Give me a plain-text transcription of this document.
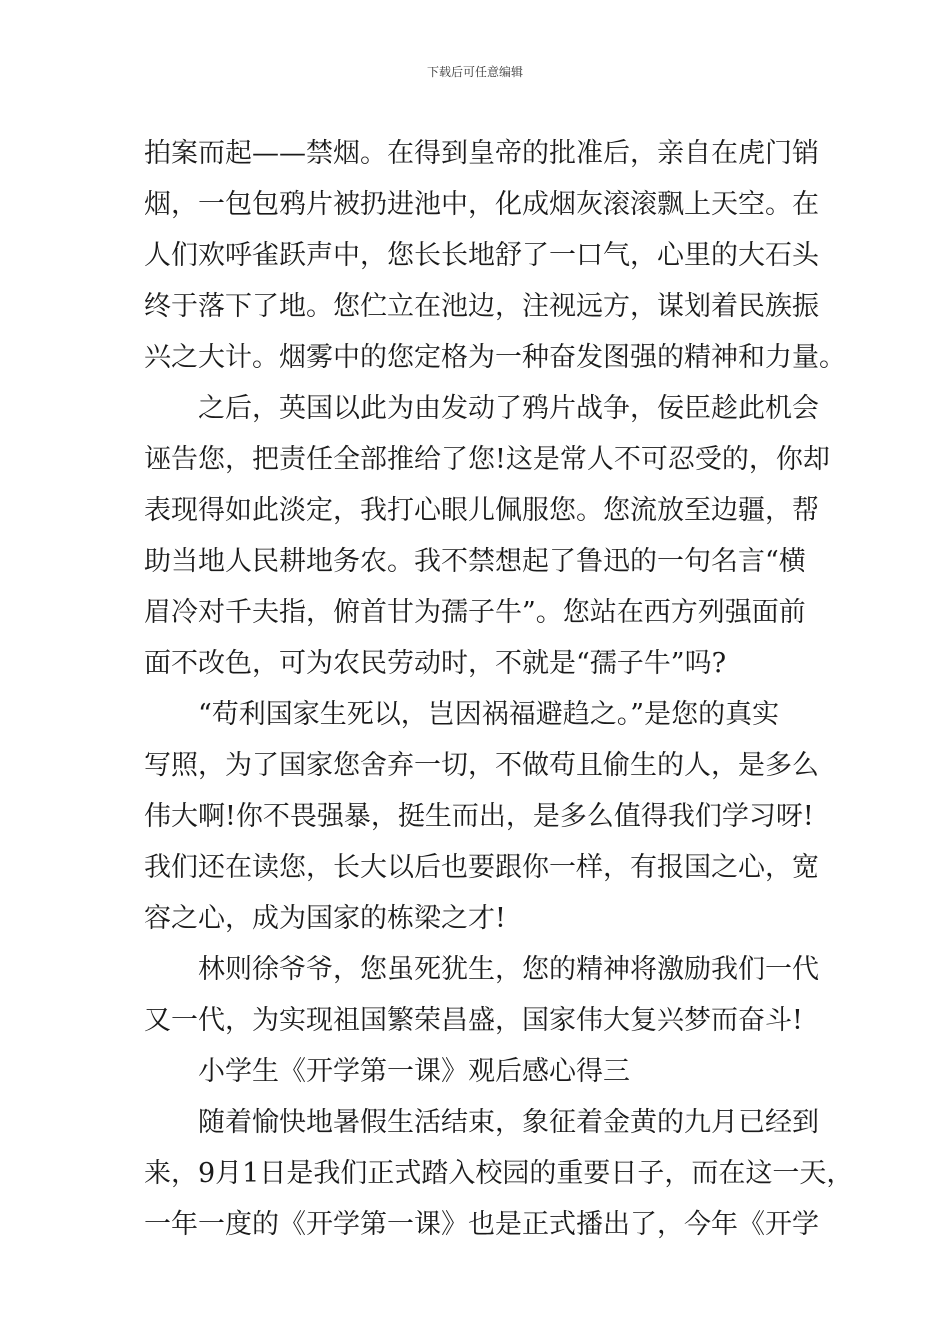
下载后可任意编辑
拍案而起——禁烟。在得到皇帝的批准后，亲自在虎门销
烟，一包包鸦片被扔进池中，化成烟灰滚滚飘上天空。在
人们欢呼雀跃声中，您长长地舒了一口气，心里的大石头
终于落下了地。您伫立在池边，注视远方，谋划着民族振
兴之大计。烟雾中的您定格为一种奋发图强的精神和力量。
　　之后，英国以此为由发动了鸦片战争，佞臣趁此机会
诬告您，把责任全部推给了您!这是常人不可忍受的，你却
表现得如此淡定，我打心眼儿佩服您。您流放至边疆，帮
助当地人民耕地务农。我不禁想起了鲁迅的一句名言“横
眉冷对千夫指，俯首甘为孺子牛”。您站在西方列强面前
面不改色，可为农民劳动时，不就是“孺子牛”吗?
　　“苟利国家生死以，岂因祸福避趋之。”是您的真实
写照，为了国家您舍弃一切，不做苟且偷生的人，是多么
伟大啊!你不畏强暴，挺生而出，是多么值得我们学习呀!
我们还在读您，长大以后也要跟你一样，有报国之心，宽
容之心，成为国家的栋梁之才!
　　林则徐爷爷，您虽死犹生，您的精神将激励我们一代
又一代，为实现祖国繁荣昌盛，国家伟大复兴梦而奋斗!
　　小学生《开学第一课》观后感心得三
　　随着愉快地暑假生活结束，象征着金黄的九月已经到
来，9月1日是我们正式踏入校园的重要日子，而在这一天，
一年一度的《开学第一课》也是正式播出了，今年《开学
